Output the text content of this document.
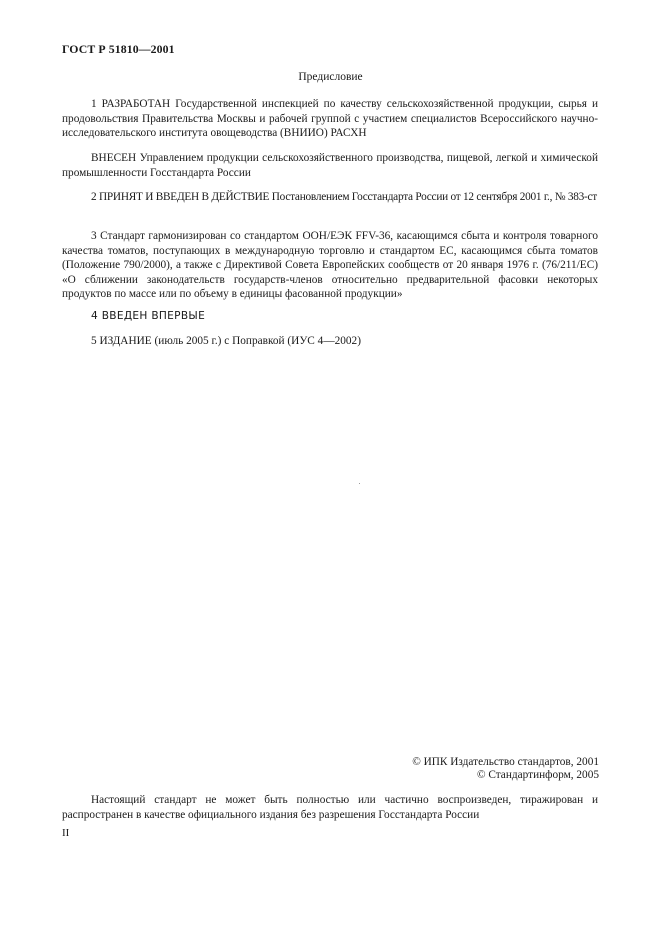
ГОСТ Р 51810—2001
Предисловие

1 РАЗРАБОТАН Государственной инспекцией по качеству сельскохозяйственной продукции, сырья и продовольствия Правительства Москвы и рабочей группой с участием специалистов Всероссийского научно-исследовательского института овощеводства (ВНИИО) РАСХН

ВНЕСЕН Управлением продукции сельскохозяйственного производства, пищевой, легкой и химической промышленности Госстандарта России

2 ПРИНЯТ И ВВЕДЕН В ДЕЙСТВИЕ Постановлением Госстандарта России от 12 сентября 2001 г., № 383-ст

3 Стандарт гармонизирован со стандартом ООН/ЕЭК FFV-36, касающимся сбыта и контроля товарного качества томатов, поступающих в международную торговлю и стандартом ЕС, касающимся сбыта томатов (Положение 790/2000), а также с Директивой Совета Европейских сообществ от 20 января 1976 г. (76/211/ЕС) «О сближении законодательств государств-членов относительно предварительной фасовки некоторых продуктов по массе или по объему в единицы фасованной продукции»

4 ВВЕДЕН ВПЕРВЫЕ

5 ИЗДАНИЕ (июль 2005 г.) с Поправкой (ИУС 4—2002)

© ИПК Издательство стандартов, 2001
© Стандартинформ, 2005

Настоящий стандарт не может быть полностью или частично воспроизведен, тиражирован и распространен в качестве официального издания без разрешения Госстандарта России

II
